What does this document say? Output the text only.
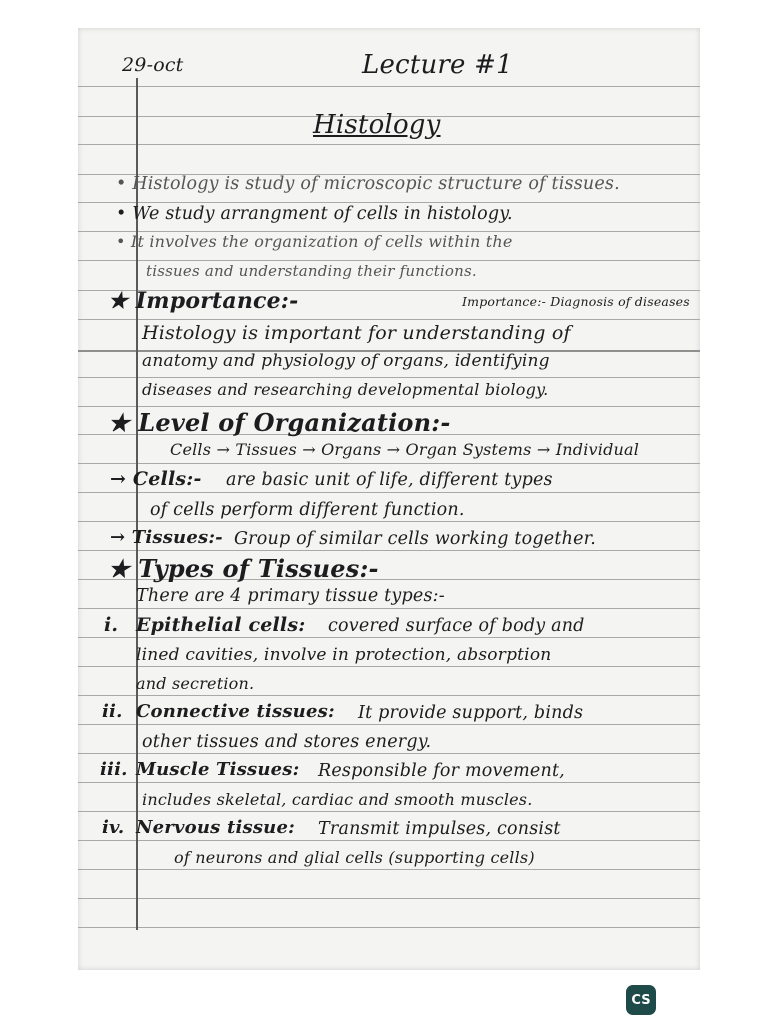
29-oct	Lecture #1
Histology
• Histology is study of microscopic structure of tissues.
• We study arrangment of cells in histology.
• It involves the organization of cells within the
tissues and understanding their functions.
★ Importance:-	Importance:- Diagnosis of diseases
Histology is important for understanding of
anatomy and physiology of organs, identifying
diseases and researching developmental biology.
★ Level of Organization:-
Cells → Tissues → Organs → Organ Systems → Individual
→ Cells:- are basic unit of life, different types
of cells perform different function.
→ Tissues:- Group of similar cells working together.
★ Types of Tissues:-
There are 4 primary tissue types:-
i. Epithelial cells: covered surface of body and
lined cavities, involve in protection, absorption
and secretion.
ii. Connective tissues: It provide support, binds
other tissues and stores energy.
iii. Muscle Tissues: Responsible for movement,
includes skeletal, cardiac and smooth muscles.
iv. Nervous tissue: Transmit impulses, consist
of neurons and glial cells (supporting cells)
CS
